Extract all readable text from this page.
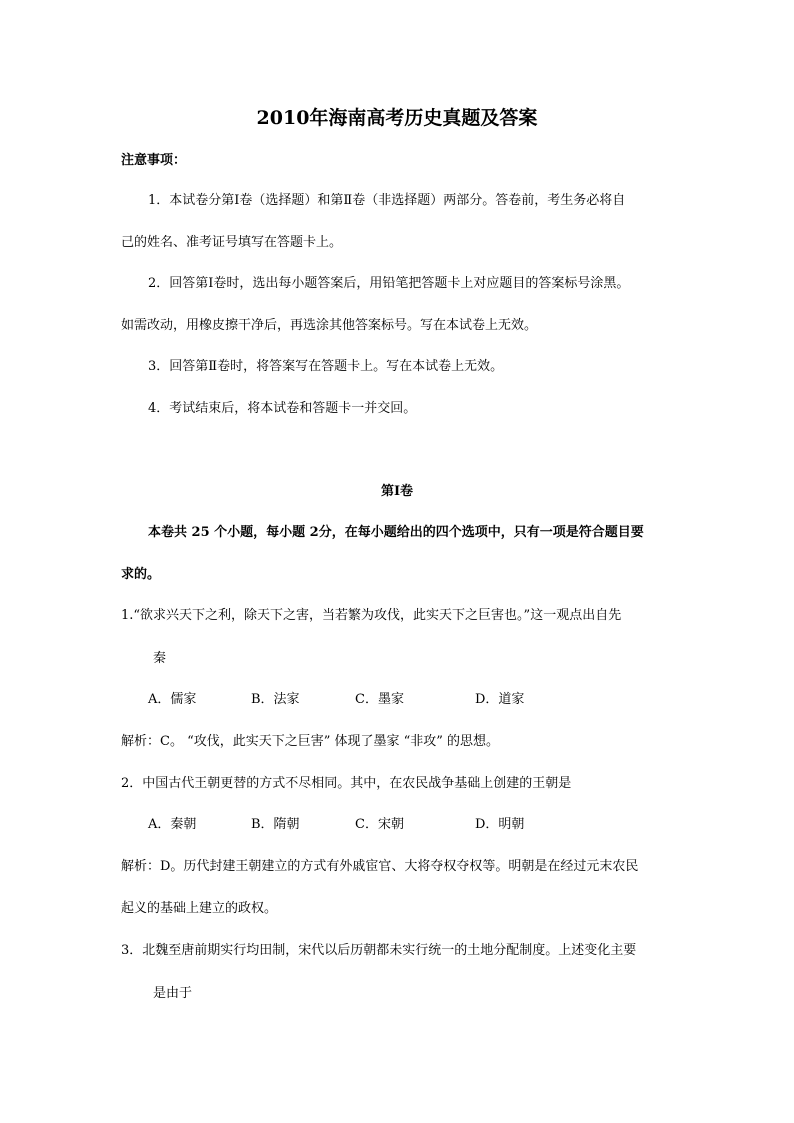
2010年海南高考历史真题及答案
注意事项：
1．本试卷分第Ⅰ卷（选择题）和第Ⅱ卷（非选择题）两部分。答卷前，考生务必将自
己的姓名、准考证号填写在答题卡上。
2．回答第Ⅰ卷时，选出每小题答案后，用铅笔把答题卡上对应题目的答案标号涂黑。
如需改动，用橡皮擦干净后，再选涂其他答案标号。写在本试卷上无效。
3．回答第Ⅱ卷时，将答案写在答题卡上。写在本试卷上无效。
4．考试结束后，将本试卷和答题卡一并交回。
第Ⅰ卷
本卷共 25 个小题，每小题 2分，在每小题给出的四个选项中，只有一项是符合题目要
求的。
1.“欲求兴天下之利，除天下之害，当若繁为攻伐，此实天下之巨害也。”这一观点出自先
秦
A．儒家	B．法家	C．墨家	D．道家
解析：C。 “攻伐，此实天下之巨害” 体现了墨家 “非攻” 的思想。
2．中国古代王朝更替的方式不尽相同。其中，在农民战争基础上创建的王朝是
A．秦朝	B．隋朝	C．宋朝	D．明朝
解析：D。历代封建王朝建立的方式有外戚宦官、大将夺权夺权等。明朝是在经过元末农民
起义的基础上建立的政权。
3．北魏至唐前期实行均田制，宋代以后历朝都未实行统一的土地分配制度。上述变化主要
是由于
